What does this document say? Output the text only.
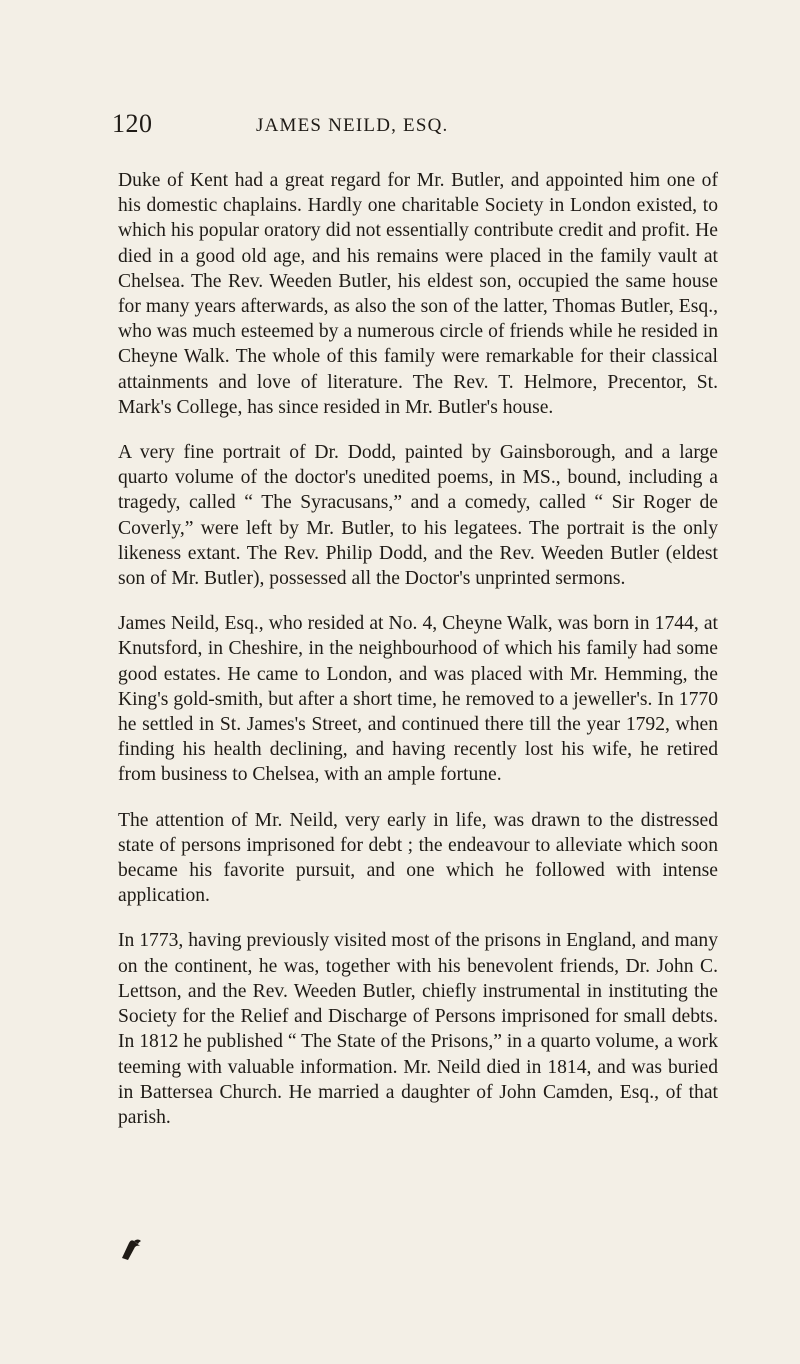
120	JAMES NEILD, ESQ.

Duke of Kent had a great regard for Mr. Butler, and appointed him one of his domestic chaplains. Hardly one charitable Society in London existed, to which his popular oratory did not essentially contribute credit and profit. He died in a good old age, and his remains were placed in the family vault at Chelsea. The Rev. Weeden Butler, his eldest son, occupied the same house for many years afterwards, as also the son of the latter, Thomas Butler, Esq., who was much esteemed by a numerous circle of friends while he resided in Cheyne Walk. The whole of this family were remarkable for their classical attainments and love of literature. The Rev. T. Helmore, Precentor, St. Mark's College, has since resided in Mr. Butler's house.

A very fine portrait of Dr. Dodd, painted by Gainsborough, and a large quarto volume of the doctor's unedited poems, in MS., bound, including a tragedy, called “ The Syracusans,” and a comedy, called “ Sir Roger de Coverly,” were left by Mr. Butler, to his legatees. The portrait is the only likeness extant. The Rev. Philip Dodd, and the Rev. Weeden Butler (eldest son of Mr. Butler), possessed all the Doctor's unprinted sermons.

James Neild, Esq., who resided at No. 4, Cheyne Walk, was born in 1744, at Knutsford, in Cheshire, in the neighbourhood of which his family had some good estates. He came to London, and was placed with Mr. Hemming, the King's gold-smith, but after a short time, he removed to a jeweller's. In 1770 he settled in St. James's Street, and continued there till the year 1792, when finding his health declining, and having recently lost his wife, he retired from business to Chelsea, with an ample fortune.

The attention of Mr. Neild, very early in life, was drawn to the distressed state of persons imprisoned for debt ; the endeavour to alleviate which soon became his favorite pursuit, and one which he followed with intense application.

In 1773, having previously visited most of the prisons in England, and many on the continent, he was, together with his benevolent friends, Dr. John C. Lettson, and the Rev. Weeden Butler, chiefly instrumental in instituting the Society for the Relief and Discharge of Persons imprisoned for small debts. In 1812 he published “ The State of the Prisons,” in a quarto volume, a work teeming with valuable information. Mr. Neild died in 1814, and was buried in Battersea Church. He married a daughter of John Camden, Esq., of that parish.
